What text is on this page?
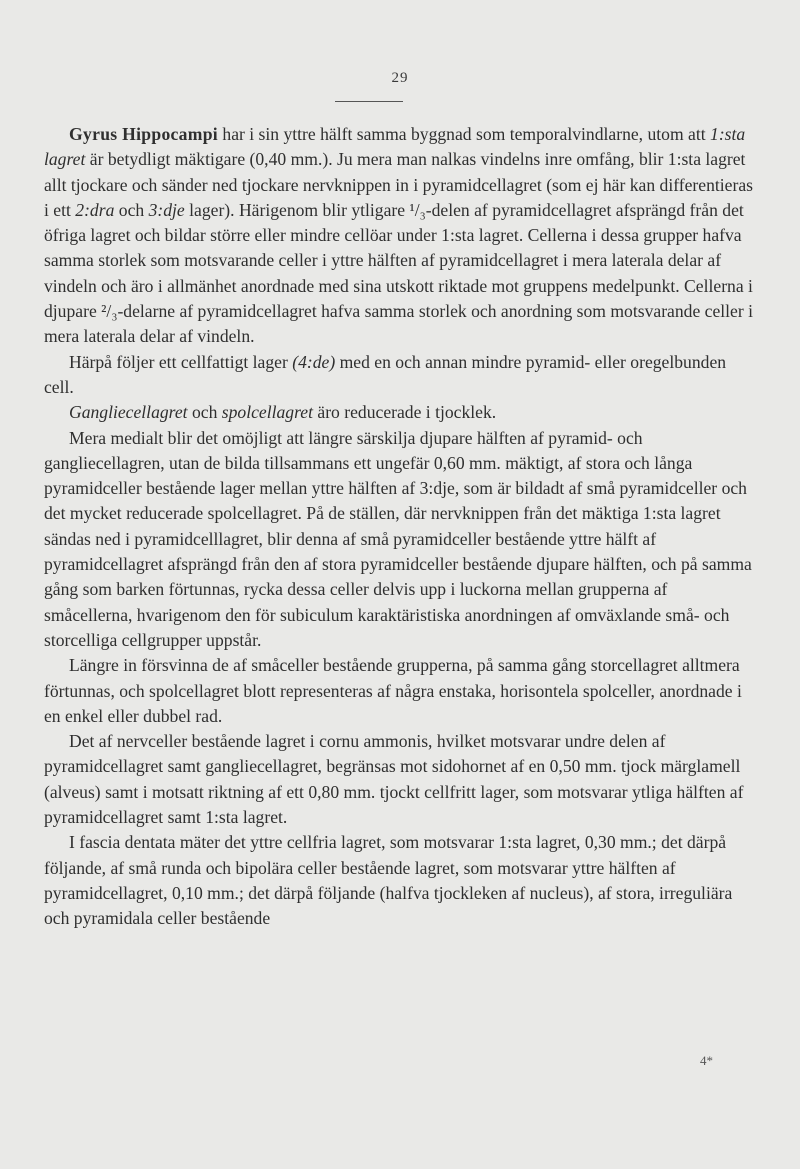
29

Gyrus Hippocampi har i sin yttre hälft samma byggnad som temporalvindlarne, utom att 1:sta lagret är betydligt mäktigare (0,40 mm.). Ju mera man nalkas vindelns inre omfång, blir 1:sta lagret allt tjockare och sänder ned tjockare nervknippen in i pyramidcellagret (som ej här kan differentieras i ett 2:dra och 3:dje lager). Härigenom blir ytligare ¹/₃-delen af pyramidcellagret afsprängd från det öfriga lagret och bildar större eller mindre cellöar under 1:sta lagret. Cellerna i dessa grupper hafva samma storlek som motsvarande celler i yttre hälften af pyramidcellagret i mera laterala delar af vindeln och äro i allmänhet anordnade med sina utskott riktade mot gruppens medelpunkt. Cellerna i djupare ²/₃-delarne af pyramidcellagret hafva samma storlek och anordning som motsvarande celler i mera laterala delar af vindeln.

Härpå följer ett cellfattigt lager (4:de) med en och annan mindre pyramid- eller oregelbunden cell.

Gangliecellagret och spolcellagret äro reducerade i tjocklek.

Mera medialt blir det omöjligt att längre särskilja djupare hälften af pyramid- och gangliecellagren, utan de bilda tillsammans ett ungefär 0,60 mm. mäktigt, af stora och långa pyramidceller bestående lager mellan yttre hälften af 3:dje, som är bildadt af små pyramidceller och det mycket reducerade spolcellagret. På de ställen, där nervknippen från det mäktiga 1:sta lagret sändas ned i pyramidcelllagret, blir denna af små pyramidceller bestående yttre hälft af pyramidcellagret afsprängd från den af stora pyramidceller bestående djupare hälften, och på samma gång som barken förtunnas, rycka dessa celler delvis upp i luckorna mellan grupperna af småcellerna, hvarigenom den för subiculum karaktäristiska anordningen af omväxlande små- och storcelliga cellgrupper uppstår.

Längre in försvinna de af småceller bestående grupperna, på samma gång storcellagret alltmera förtunnas, och spolcellagret blott representeras af några enstaka, horisontela spolceller, anordnade i en enkel eller dubbel rad.

Det af nervceller bestående lagret i cornu ammonis, hvilket motsvarar undre delen af pyramidcellagret samt gangliecellagret, begränsas mot sidohornet af en 0,50 mm. tjock märglamell (alveus) samt i motsatt riktning af ett 0,80 mm. tjockt cellfritt lager, som motsvarar ytliga hälften af pyramidcellagret samt 1:sta lagret.

I fascia dentata mäter det yttre cellfria lagret, som motsvarar 1:sta lagret, 0,30 mm.; det därpå följande, af små runda och bipolära celler bestående lagret, som motsvarar yttre hälften af pyramidcellagret, 0,10 mm.; det därpå följande (halfva tjockleken af nucleus), af stora, irreguliära och pyramidala celler bestående

4*
